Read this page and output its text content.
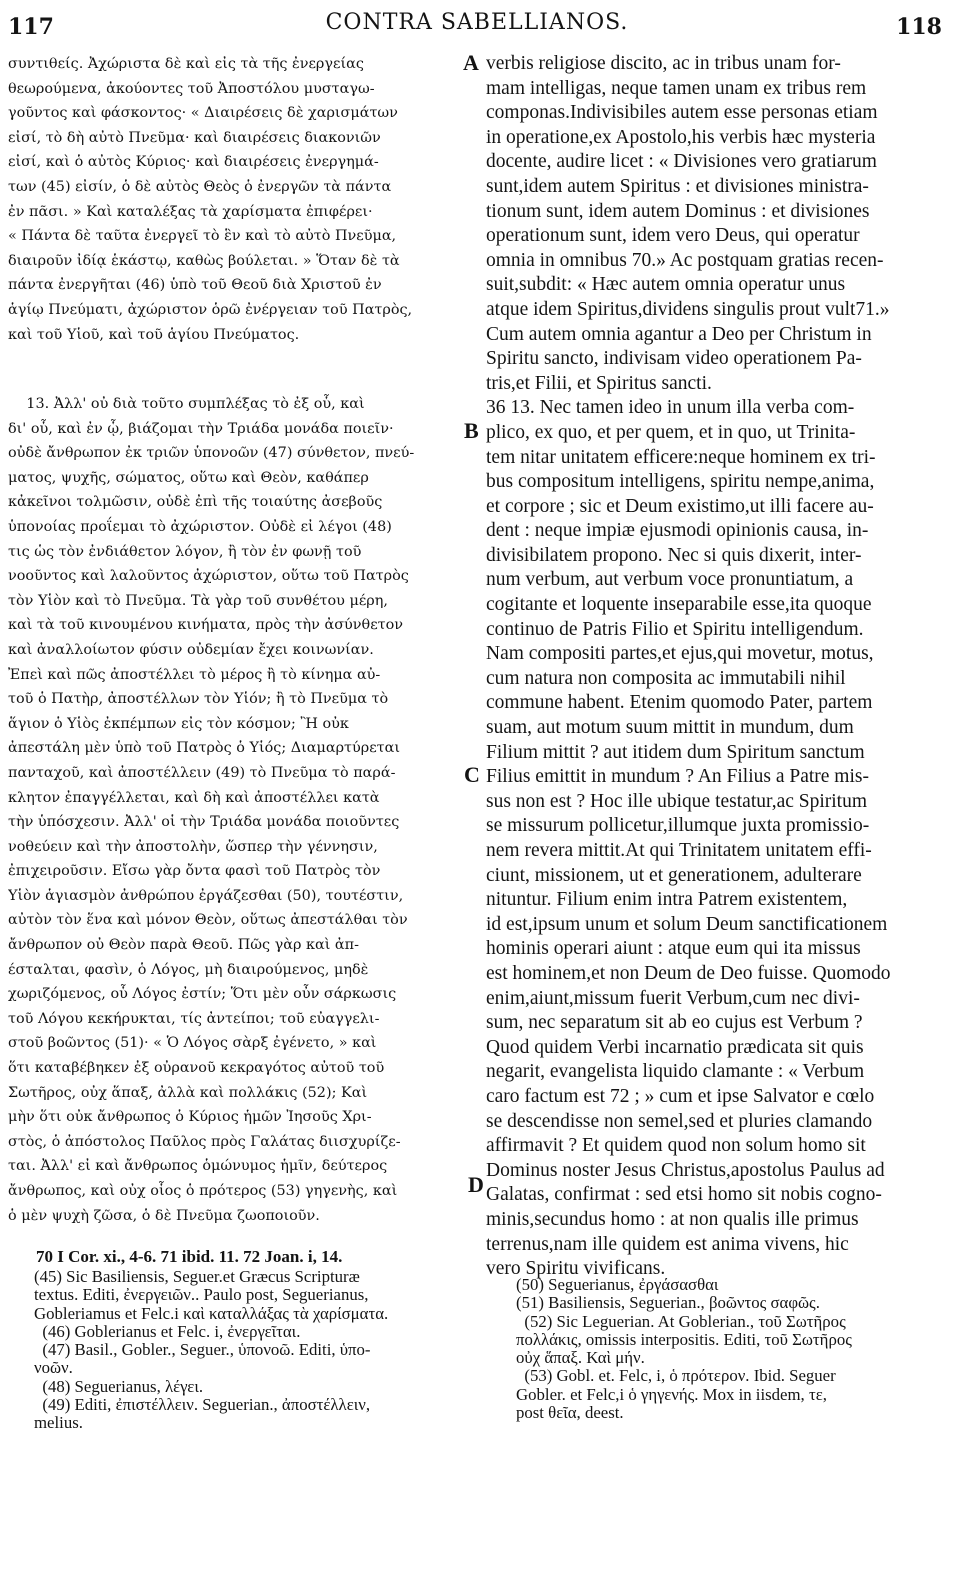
117	CONTRA SABELLIANOS.	118
συντιθείς. Ἀχώριστα δὲ καὶ εἰς τὰ τῆς ἐνεργείας
θεωρούμενα, ἀκούοντες τοῦ Ἀποστόλου μυσταγω-
γοῦντος καὶ φάσκοντος· « Διαιρέσεις δὲ χαρισμάτων
εἰσί, τὸ δὴ αὐτὸ Πνεῦμα· καὶ διαιρέσεις διακονιῶν
εἰσί, καὶ ὁ αὐτὸς Κύριος· καὶ διαιρέσεις ἐνεργημά-
των (45) εἰσίν, ὁ δὲ αὐτὸς Θεὸς ὁ ἐνεργῶν τὰ πάντα
ἐν πᾶσι. » Καὶ καταλέξας τὰ χαρίσματα ἐπιφέρει·
« Πάντα δὲ ταῦτα ἐνεργεῖ τὸ ἓν καὶ τὸ αὐτὸ Πνεῦμα,
διαιροῦν ἰδίᾳ ἑκάστῳ, καθὼς βούλεται. » Ὅταν δὲ τὰ
πάντα ἐνεργῆται (46) ὑπὸ τοῦ Θεοῦ διὰ Χριστοῦ ἐν
ἁγίῳ Πνεύματι, ἀχώριστον ὁρῶ ἐνέργειαν τοῦ Πατρὸς,
καὶ τοῦ Υἱοῦ, καὶ τοῦ ἁγίου Πνεύματος.
13. Ἀλλ' οὐ διὰ τοῦτο συμπλέξας τὸ ἐξ οὗ, καὶ
δι' οὗ, καὶ ἐν ᾧ, βιάζομαι τὴν Τριάδα μονάδα ποιεῖν·
οὐδὲ ἄνθρωπον ἐκ τριῶν ὑπονοῶν (47) σύνθετον, πνεύ-
ματος, ψυχῆς, σώματος, οὕτω καὶ Θεὸν, καθάπερ
κἀκεῖνοι τολμῶσιν, οὐδὲ ἐπὶ τῆς τοιαύτης ἀσεβοῦς
ὑπονοίας προΐεμαι τὸ ἀχώριστον. Οὐδὲ εἰ λέγοι (48)
τις ὡς τὸν ἐνδιάθετον λόγον, ἢ τὸν ἐν φωνῇ τοῦ
νοοῦντος καὶ λαλοῦντος ἀχώριστον, οὕτω τοῦ Πατρὸς
τὸν Υἱὸν καὶ τὸ Πνεῦμα. Τὰ γὰρ τοῦ συνθέτου μέρη,
καὶ τὰ τοῦ κινουμένου κινήματα, πρὸς τὴν ἀσύνθετον
καὶ ἀναλλοίωτον φύσιν οὐδεμίαν ἔχει κοινωνίαν.
Ἐπεὶ καὶ πῶς ἀποστέλλει τὸ μέρος ἢ τὸ κίνημα αὐ-
τοῦ ὁ Πατὴρ, ἀποστέλλων τὸν Υἱόν; ἢ τὸ Πνεῦμα τὸ
ἅγιον ὁ Υἱὸς ἐκπέμπων εἰς τὸν κόσμον; Ἢ οὐκ
ἀπεστάλη μὲν ὑπὸ τοῦ Πατρὸς ὁ Υἱός; Διαμαρτύρεται
πανταχοῦ, καὶ ἀποστέλλειν (49) τὸ Πνεῦμα τὸ παρά-
κλητον ἐπαγγέλλεται, καὶ δὴ καὶ ἀποστέλλει κατὰ
τὴν ὑπόσχεσιν. Ἀλλ' οἱ τὴν Τριάδα μονάδα ποιοῦντες
νοθεύειν καὶ τὴν ἀποστολὴν, ὥσπερ τὴν γέννησιν,
ἐπιχειροῦσιν. Εἴσω γὰρ ὄντα φασὶ τοῦ Πατρὸς τὸν
Υἱὸν ἁγιασμὸν ἀνθρώπου ἐργάζεσθαι (50), τουτέστιν,
αὐτὸν τὸν ἕνα καὶ μόνον Θεὸν, οὕτως ἀπεστάλθαι τὸν
ἄνθρωπον οὐ Θεὸν παρὰ Θεοῦ. Πῶς γὰρ καὶ ἀπ-
έσταλται, φασὶν, ὁ Λόγος, μὴ διαιρούμενος, μηδὲ
χωριζόμενος, οὗ Λόγος ἐστίν; Ὅτι μὲν οὖν σάρκωσις
τοῦ Λόγου κεκήρυκται, τίς ἀντείποι; τοῦ εὐαγγελι-
στοῦ βοῶντος (51)· « Ὁ Λόγος σὰρξ ἐγένετο, » καὶ
ὅτι καταβέβηκεν ἐξ οὐρανοῦ κεκραγότος αὐτοῦ τοῦ
Σωτῆρος, οὐχ ἅπαξ, ἀλλὰ καὶ πολλάκις (52); Καὶ
μὴν ὅτι οὐκ ἄνθρωπος ὁ Κύριος ἡμῶν Ἰησοῦς Χρι-
στὸς, ὁ ἀπόστολος Παῦλος πρὸς Γαλάτας διισχυρίζε-
ται. Ἀλλ' εἰ καὶ ἄνθρωπος ὁμώνυμος ἡμῖν, δεύτερος
ἄνθρωπος, καὶ οὐχ οἷος ὁ πρότερος (53) γηγενὴς, καὶ
ὁ μὲν ψυχὴ ζῶσα, ὁ δὲ Πνεῦμα ζωοποιοῦν.
verbis religiose discito, ac in tribus unam for-
mam intelligas, neque tamen unam ex tribus rem
componas.Indivisibiles autem esse personas etiam
in operatione,ex Apostolo,his verbis hæc mysteria
docente, audire licet : « Divisiones vero gratiarum
sunt,idem autem Spiritus : et divisiones ministra-
tionum sunt, idem autem Dominus : et divisiones
operationum sunt, idem vero Deus, qui operatur
omnia in omnibus 70.» Ac postquam gratias recen-
suit,subdit: « Hæc autem omnia operatur unus
atque idem Spiritus,dividens singulis prout vult71.»
Cum autem omnia agantur a Deo per Christum in
Spiritu sancto, indivisam video operationem Pa-
tris,et Filii, et Spiritus sancti.
36 13. Nec tamen ideo in unum illa verba com-
plico, ex quo, et per quem, et in quo, ut Trinita-
tem nitar unitatem efficere:neque hominem ex tri-
bus compositum intelligens, spiritu nempe,anima,
et corpore ; sic et Deum existimo,ut illi facere au-
dent : neque impiæ ejusmodi opinionis causa, in-
divisibilatem propono. Nec si quis dixerit, inter-
num verbum, aut verbum voce pronuntiatum, a
cogitante et loquente inseparabile esse,ita quoque
continuo de Patris Filio et Spiritu intelligendum.
Nam compositi partes,et ejus,qui movetur, motus,
cum natura non composita ac immutabili nihil
commune habent. Etenim quomodo Pater, partem
suam, aut motum suum mittit in mundum, dum
Filium mittit ? aut itidem dum Spiritum sanctum
Filius emittit in mundum ? An Filius a Patre mis-
sus non est ? Hoc ille ubique testatur,ac Spiritum
se missurum pollicetur,illumque juxta promissio-
nem revera mittit.At qui Trinitatem unitatem effi-
ciunt, missionem, ut et generationem, adulterare
nituntur. Filium enim intra Patrem existentem,
id est,ipsum unum et solum Deum sanctificationem
hominis operari aiunt : atque eum qui ita missus
est hominem,et non Deum de Deo fuisse. Quomodo
enim,aiunt,missum fuerit Verbum,cum nec divi-
sum, nec separatum sit ab eo cujus est Verbum ?
Quod quidem Verbi incarnatio prædicata sit quis
negarit, evangelista liquido clamante : « Verbum
caro factum est 72 ; » cum et ipse Salvator e cœlo
se descendisse non semel,sed et pluries clamando
affirmavit ? Et quidem quod non solum homo sit
Dominus noster Jesus Christus,apostolus Paulus ad
Galatas, confirmat : sed etsi homo sit nobis cogno-
minis,secundus homo : at non qualis ille primus
terrenus,nam ille quidem est anima vivens, hic
vero Spiritu vivificans.
A
B
C
D
70 I Cor. xi., 4-6. 71 ibid. 11. 72 Joan. i, 14.
(45) Sic Basiliensis, Seguer.et Græcus Scripturæ
textus. Editi, ἐνεργειῶν.. Paulo post, Seguerianus,
Gobleriamus et Felc.i καὶ καταλλάξας τὰ χαρίσματα.
(46) Goblerianus et Felc. i, ἐνεργεῖται.
(47) Basil., Gobler., Seguer., ὑπονοῶ. Editi, ὑπο-
νοῶν.
(48) Seguerianus, λέγει.
(49) Editi, ἐπιστέλλειν. Seguerian., ἀποστέλλειν,
melius.
(50) Seguerianus, ἐργάσασθαι
(51) Basiliensis, Seguerian., βοῶντος σαφῶς.
(52) Sic Leguerian. At Goblerian., τοῦ Σωτῆρος
πολλάκις, omissis interpositis. Editi, τοῦ Σωτῆρος
οὐχ ἅπαξ. Καὶ μήν.
(53) Gobl. et. Felc, i, ὁ πρότερον. Ibid. Seguer
Gobler. et Felc,i ὁ γηγενής. Mox in iisdem, τε,
post θεῖα, deest.
